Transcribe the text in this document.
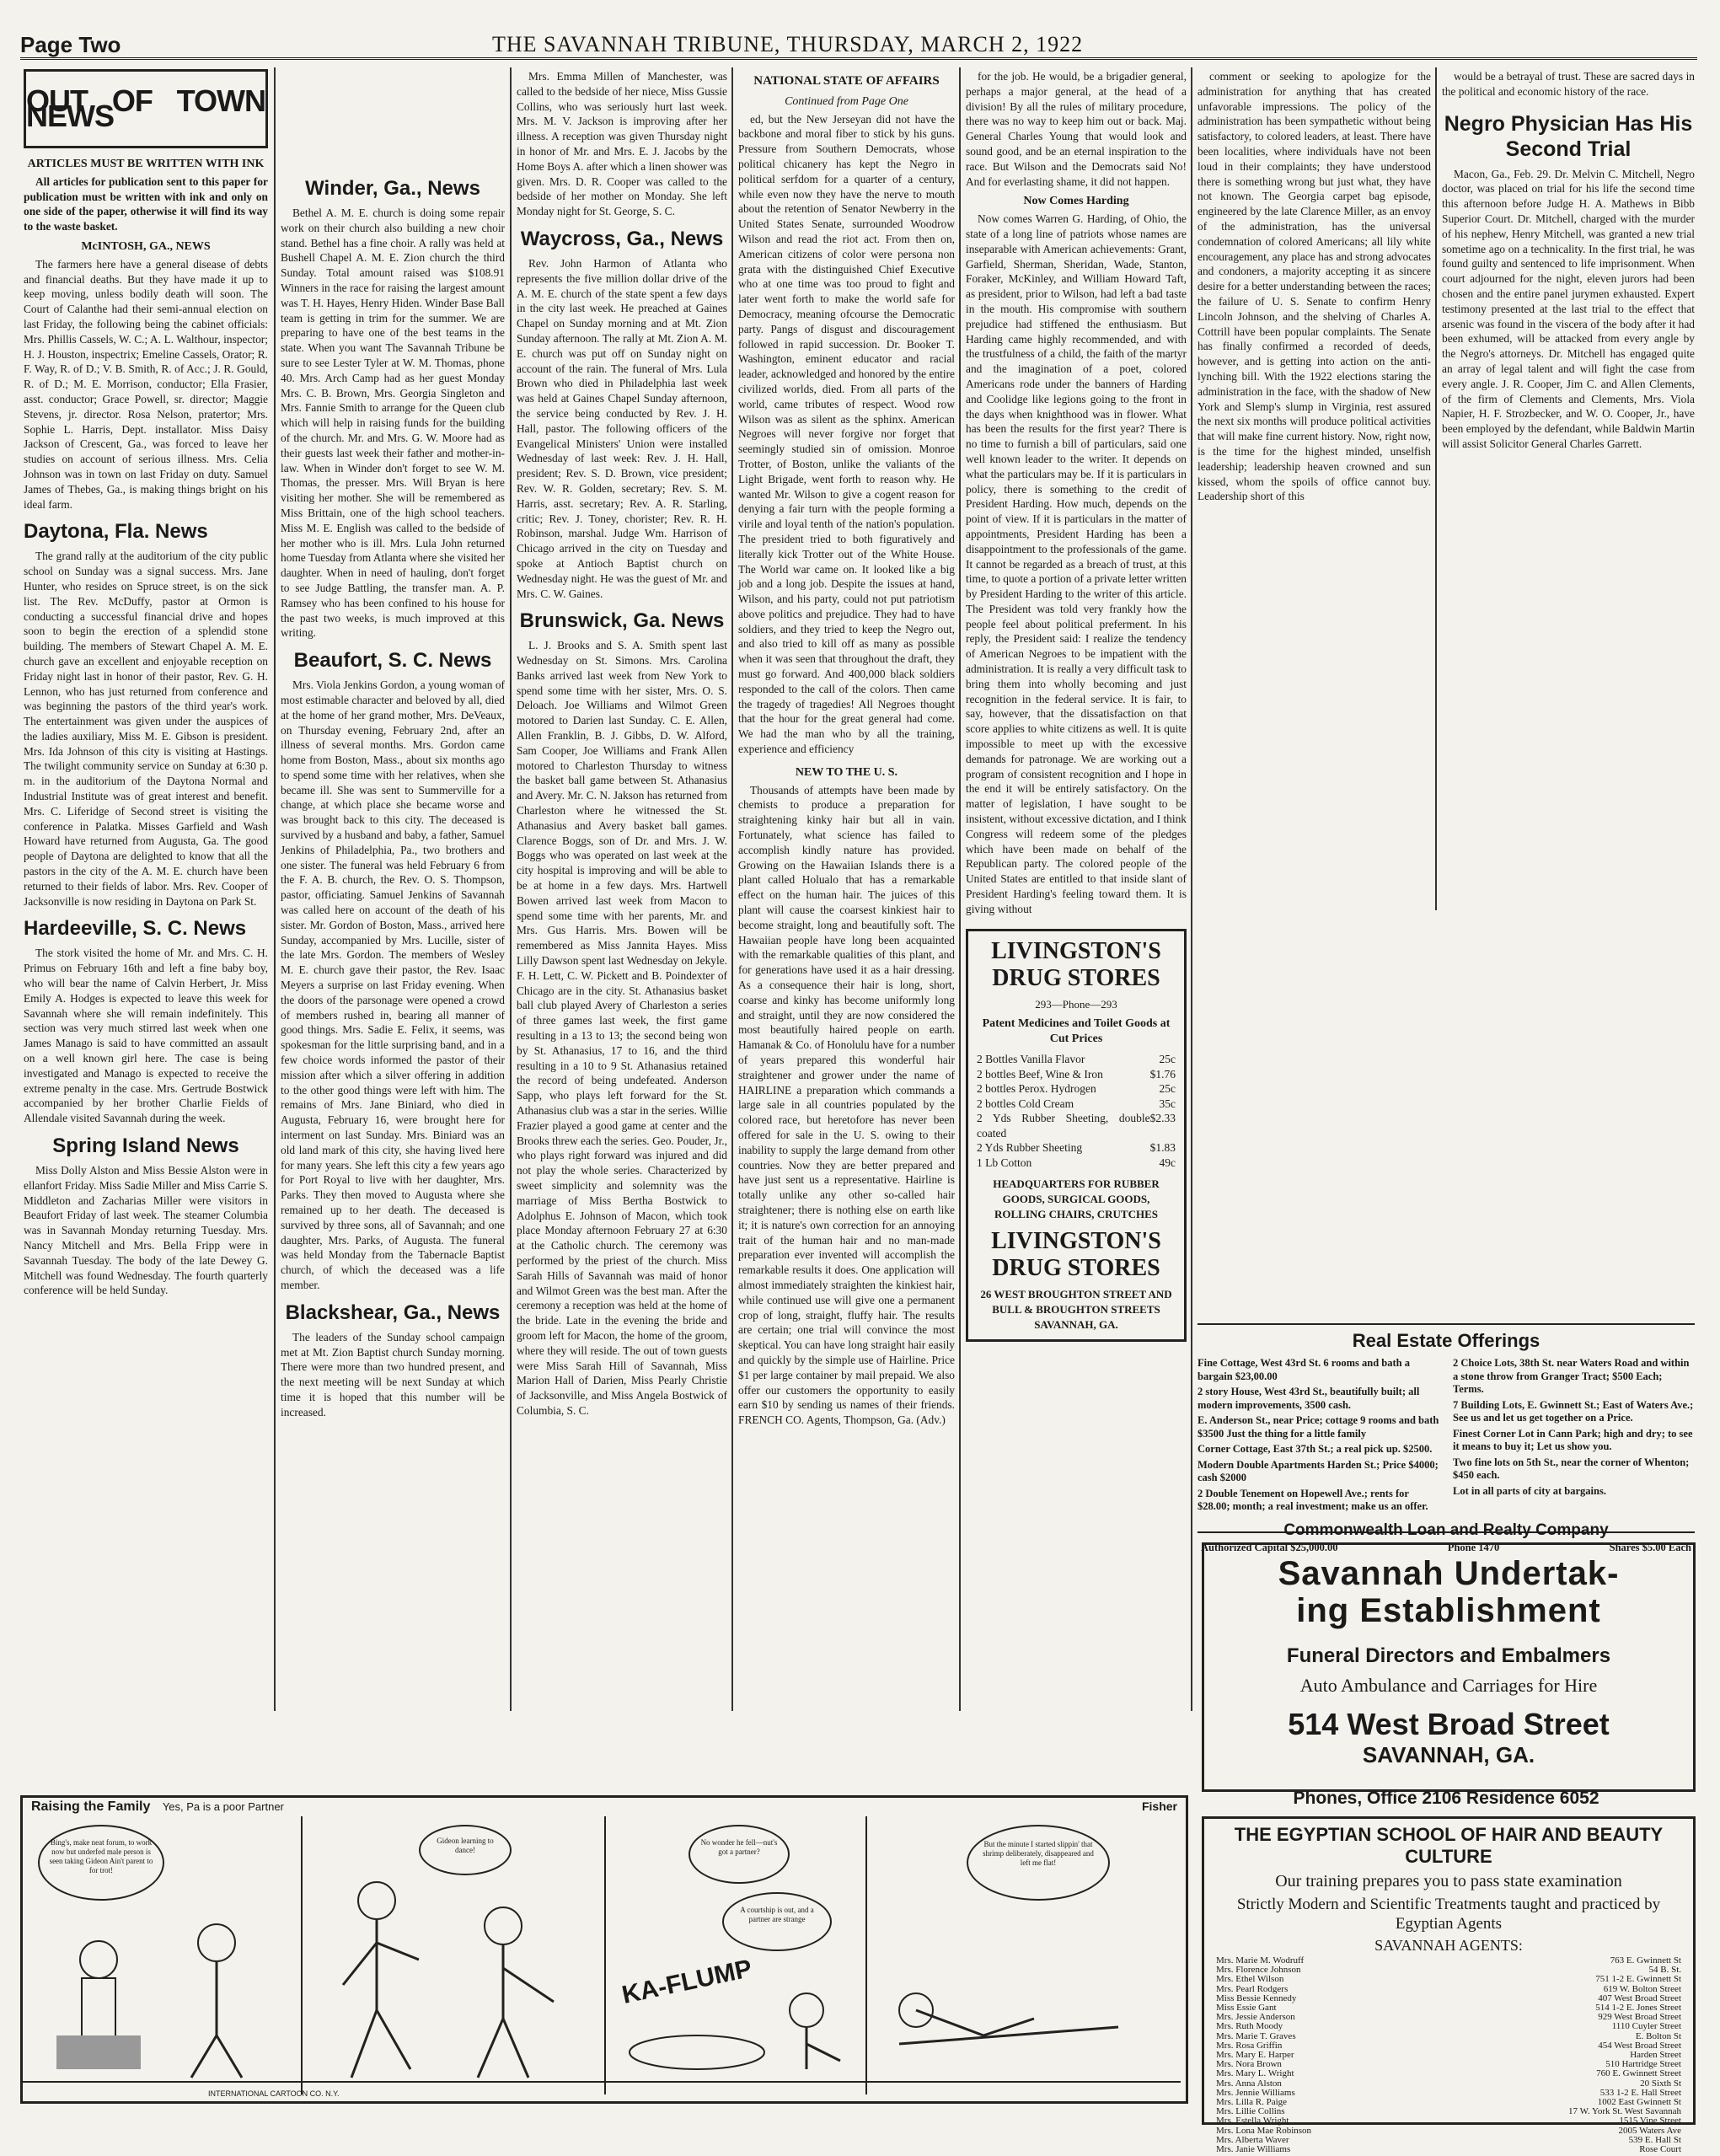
Page Two	THE SAVANNAH TRIBUNE, THURSDAY, MARCH 2, 1922
OUT OF TOWN NEWS
ARTICLES MUST BE WRITTEN WITH INK

All articles for publication sent to this paper for publication must be written with ink and only on one side of the paper, otherwise it will find its way to the waste basket.

McINTOSH, GA., NEWS

The farmers here have a general disease of debts and financial deaths. But they have made it up to keep moving, unless bodily death will soon. The Court of Calanthe had their semi-annual election on last Friday, the following being the cabinet officials: Mrs. Phillis Cassels, W. C.; A. L. Walthour, inspector; H. J. Houston, inspectrix; Emeline Cassels, Orator; R. F. Way, R. of D.; V. B. Smith, R. of Acc.; J. R. Gould, R. of D.; M. E. Morrison, conductor; Ella Frasier, asst. conductor; Grace Powell, sr. director; Maggie Stevens, jr. director. Rosa Nelson, pratertor; Mrs. Sophie L. Harris, Dept. installator. Miss Daisy Jackson of Crescent, Ga., was forced to leave her studies on account of serious illness. Mrs. Celia Johnson was in town on last Friday on duty. Samuel James of Thebes, Ga., is making things bright on his ideal farm.

Daytona, Fla. News

The grand rally at the auditorium of the city public school on Sunday was a signal success. Mrs. Jane Hunter, who resides on Spruce street, is on the sick list. The Rev. McDuffy, pastor at Ormon is conducting a successful financial drive and hopes soon to begin the erection of a splendid stone building. The members of Stewart Chapel A. M. E. church gave an excellent and enjoyable reception on Friday night last in honor of their pastor, Rev. G. H. Lennon, who has just returned from conference and was beginning the pastors of the third year's work. The entertainment was given under the auspices of the ladies auxiliary, Miss M. E. Gibson is president. Mrs. Ida Johnson of this city is visiting at Hastings. The twilight community service on Sunday at 6:30 p. m. in the auditorium of the Daytona Normal and Industrial Institute was of great interest and benefit. Mrs. C. Liferidge of Second street is visiting the conference in Palatka. Misses Garfield and Wash Howard have returned from Augusta, Ga. The good people of Daytona are delighted to know that all the pastors in the city of the A. M. E. church have been returned to their fields of labor. Mrs. Rev. Cooper of Jacksonville is now residing in Daytona on Park St.

Hardeeville, S. C. News

The stork visited the home of Mr. and Mrs. C. H. Primus on February 16th and left a fine baby boy, who will bear the name of Calvin Herbert, Jr. Miss Emily A. Hodges is expected to leave this week for Savannah where she will remain indefinitely. This section was very much stirred last week when one James Manago is said to have committed an assault on a well known girl here. The case is being investigated and Manago is expected to receive the extreme penalty in the case. Mrs. Gertrude Bostwick accompanied by her brother Charlie Fields of Allendale visited Savannah during the week.

Spring Island News

Miss Dolly Alston and Miss Bessie Alston were in ellanfort Friday. Miss Sadie Miller and Miss Carrie S. Middleton and Zacharias Miller were visitors in Beaufort Friday of last week. The steamer Columbia was in Savannah Monday returning Tuesday. Mrs. Nancy Mitchell and Mrs. Bella Fripp were in Savannah Tuesday. The body of the late Dewey G. Mitchell was found Wednesday. The fourth quarterly conference will be held Sunday.

Winder, Ga., News

Bethel A. M. E. church is doing some repair work on their church also building a new choir stand. Bethel has a fine choir. A rally was held at Bushell Chapel A. M. E. Zion church the third Sunday. Total amount raised was $108.91 Winners in the race for raising the largest amount was T. H. Hayes, Henry Hiden. Winder Base Ball team is getting in trim for the summer. We are preparing to have one of the best teams in the state. When you want The Savannah Tribune be sure to see Lester Tyler at W. M. Thomas, phone 40. Mrs. Arch Camp had as her guest Monday Mrs. C. B. Brown, Mrs. Georgia Singleton and Mrs. Fannie Smith to arrange for the Queen club which will help in raising funds for the building of the church. Mr. and Mrs. G. W. Moore had as their guests last week their father and mother-in-law. When in Winder don't forget to see W. M. Thomas, the presser. Mrs. Will Bryan is here visiting her mother. She will be remembered as Miss Brittain, one of the high school teachers. Miss M. E. English was called to the bedside of her mother who is ill. Mrs. Lula John returned home Tuesday from Atlanta where she visited her daughter. When in need of hauling, don't forget to see Judge Battling, the transfer man. A. P. Ramsey who has been confined to his house for the past two weeks, is much improved at this writing.

Beaufort, S. C. News

Mrs. Viola Jenkins Gordon, a young woman of most estimable character and beloved by all, died at the home of her grand mother, Mrs. DeVeaux, on Thursday evening, February 2nd, after an illness of several months. Mrs. Gordon came home from Boston, Mass., about six months ago to spend some time with her relatives, when she became ill. She was sent to Summerville for a change, at which place she became worse and was brought back to this city. The deceased is survived by a husband and baby, a father, Samuel Jenkins of Philadelphia, Pa., two brothers and one sister. The funeral was held February 6 from the F. A. B. church, the Rev. O. S. Thompson, pastor, officiating. Samuel Jenkins of Savannah was called here on account of the death of his sister. Mr. Gordon of Boston, Mass., arrived here Sunday, accompanied by Mrs. Lucille, sister of the late Mrs. Gordon. The members of Wesley M. E. church gave their pastor, the Rev. Isaac Meyers a surprise on last Friday evening. When the doors of the parsonage were opened a crowd of members rushed in, bearing all manner of good things. Mrs. Sadie E. Felix, it seems, was spokesman for the little surprising band, and in a few choice words informed the pastor of their mission after which a silver offering in addition to the other good things were left with him. The remains of Mrs. Jane Biniard, who died in Augusta, February 16, were brought here for interment on last Sunday. Mrs. Biniard was an old land mark of this city, she having lived here for many years. She left this city a few years ago for Port Royal to live with her daughter, Mrs. Parks. They then moved to Augusta where she remained up to her death. The deceased is survived by three sons, all of Savannah; and one daughter, Mrs. Parks, of Augusta. The funeral was held Monday from the Tabernacle Baptist church, of which the deceased was a life member.

Blackshear, Ga., News

The leaders of the Sunday school campaign met at Mt. Zion Baptist church Sunday morning. There were more than two hundred present, and the next meeting will be next Sunday at which time it is hoped that this number will be increased.

Mrs. Emma Millen of Manchester, was called to the bedside of her niece, Miss Gussie Collins, who was seriously hurt last week. Mrs. M. V. Jackson is improving after her illness. A reception was given Thursday night in honor of Mr. and Mrs. E. J. Jacobs by the Home Boys A. after which a linen shower was given. Mrs. D. R. Cooper was called to the bedside of her mother on Monday. She left Monday night for St. George, S. C.

Waycross, Ga., News

Rev. John Harmon of Atlanta who represents the five million dollar drive of the A. M. E. church of the state spent a few days in the city last week. He preached at Gaines Chapel on Sunday morning and at Mt. Zion Sunday afternoon. The rally at Mt. Zion A. M. E. church was put off on Sunday night on account of the rain. The funeral of Mrs. Lula Brown who died in Philadelphia last week was held at Gaines Chapel Sunday afternoon, the service being conducted by Rev. J. H. Hall, pastor. The following officers of the Evangelical Ministers' Union were installed Wednesday of last week: Rev. J. H. Hall, president; Rev. S. D. Brown, vice president; Rev. W. R. Golden, secretary; Rev. S. M. Harris, asst. secretary; Rev. A. R. Starling, critic; Rev. J. Toney, chorister; Rev. R. H. Robinson, marshal. Judge Wm. Harrison of Chicago arrived in the city on Tuesday and spoke at Antioch Baptist church on Wednesday night. He was the guest of Mr. and Mrs. C. W. Gaines.

Brunswick, Ga. News

L. J. Brooks and S. A. Smith spent last Wednesday on St. Simons. Mrs. Carolina Banks arrived last week from New York to spend some time with her sister, Mrs. O. S. Deloach. Joe Williams and Wilmot Green motored to Darien last Sunday. C. E. Allen, Allen Franklin, B. J. Gibbs, D. W. Alford, Sam Cooper, Joe Williams and Frank Allen motored to Charleston Thursday to witness the basket ball game between St. Athanasius and Avery. Mr. C. N. Jakson has returned from Charleston where he witnessed the St. Athanasius and Avery basket ball games. Clarence Boggs, son of Dr. and Mrs. J. W. Boggs who was operated on last week at the city hospital is improving and will be able to be at home in a few days. Mrs. Hartwell Bowen arrived last week from Macon to spend some time with her parents, Mr. and Mrs. Gus Harris. Mrs. Bowen will be remembered as Miss Jannita Hayes. Miss Lilly Dawson spent last Wednesday on Jekyle. F. H. Lett, C. W. Pickett and B. Poindexter of Chicago are in the city. St. Athanasius basket ball club played Avery of Charleston a series of three games last week, the first game resulting in a 13 to 13; the second being won by St. Athanasius, 17 to 16, and the third resulting in a 10 to 9 St. Athanasius retained the record of being undefeated. Anderson Sapp, who plays left forward for the St. Athanasius club was a star in the series. Willie Frazier played a good game at center and the Brooks threw each the series. Geo. Pouder, Jr., who plays right forward was injured and did not play the whole series. Characterized by sweet simplicity and solemnity was the marriage of Miss Bertha Bostwick to Adolphus E. Johnson of Macon, which took place Monday afternoon February 27 at 6:30 at the Catholic church. The ceremony was performed by the priest of the church. Miss Sarah Hills of Savannah was maid of honor and Wilmot Green was the best man. After the ceremony a reception was held at the home of the bride. Late in the evening the bride and groom left for Macon, the home of the groom, where they will reside. The out of town guests were Miss Sarah Hill of Savannah, Miss Marion Hall of Darien, Miss Pearly Christie of Jacksonville, and Miss Angela Bostwick of Columbia, S. C.

NATIONAL STATE OF AFFAIRS
Continued from Page One

ed, but the New Jerseyan did not have the backbone and moral fiber to stick by his guns. Pressure from Southern Democrats, whose political chicanery has kept the Negro in political serfdom for a quarter of a century, while even now they have the nerve to mouth about the retention of Senator Newberry in the United States Senate, surrounded Woodrow Wilson and read the riot act. From then on, American citizens of color were persona non grata with the distinguished Chief Executive who at one time was too proud to fight and later went forth to make the world safe for Democracy, meaning ofcourse the Democratic party. Pangs of disgust and discouragement followed in rapid succession. Dr. Booker T. Washington, eminent educator and racial leader, acknowledged and honored by the entire civilized worlds, died. From all parts of the world, came tributes of respect. Wood row Wilson was as silent as the sphinx. American Negroes will never forgive nor forget that seemingly studied sin of omission. Monroe Trotter, of Boston, unlike the valiants of the Light Brigade, went forth to reason why. He wanted Mr. Wilson to give a cogent reason for denying a fair turn with the people forming a virile and loyal tenth of the nation's population. The president tried to both figuratively and literally kick Trotter out of the White House. The World war came on. It looked like a big job and a long job. Despite the issues at hand, Wilson, and his party, could not put patriotism above politics and prejudice. They had to have soldiers, and they tried to keep the Negro out, and also tried to kill off as many as possible when it was seen that throughout the draft, they must go forward. And 400,000 black soldiers responded to the call of the colors. Then came the tragedy of tragedies! All Negroes thought that the hour for the great general had come. We had the man who by all the training, experience and efficiency

NEW TO THE U. S.

Thousands of attempts have been made by chemists to produce a preparation for straightening kinky hair but all in vain. Fortunately, what science has failed to accomplish kindly nature has provided. Growing on the Hawaiian Islands there is a plant called Holualo that has a remarkable effect on the human hair. The juices of this plant will cause the coarsest kinkiest hair to become straight, long and beautifully soft. The Hawaiian people have long been acquainted with the remarkable qualities of this plant, and for generations have used it as a hair dressing. As a consequence their hair is long, short, coarse and kinky has become uniformly long and straight, until they are now considered the most beautifully haired people on earth. Hamanak & Co. of Honolulu have for a number of years prepared this wonderful hair straightener and grower under the name of HAIRLINE a preparation which commands a large sale in all countries populated by the colored race, but heretofore has never been offered for sale in the U. S. owing to their inability to supply the large demand from other countries. Now they are better prepared and have just sent us a representative. Hairline is totally unlike any other so-called hair straightener; there is nothing else on earth like it; it is nature's own correction for an annoying trait of the human hair and no man-made preparation ever invented will accomplish the remarkable results it does. One application will almost immediately straighten the kinkiest hair, while continued use will give one a permanent crop of long, straight, fluffy hair. The results are certain; one trial will convince the most skeptical. You can have long straight hair easily and quickly by the simple use of Hairline. Price $1 per large container by mail prepaid. We also offer our customers the opportunity to easily earn $10 by sending us names of their friends. FRENCH CO. Agents, Thompson, Ga. (Adv.)

for the job. He would, be a brigadier general, perhaps a major general, at the head of a division! By all the rules of military procedure, there was no way to keep him out or back. Maj. General Charles Young that would look and sound good, and be an eternal inspiration to the race. But Wilson and the Democrats said No! And for everlasting shame, it did not happen.

Now Comes Harding

Now comes Warren G. Harding, of Ohio, the state of a long line of patriots whose names are inseparable with American achievements: Grant, Garfield, Sherman, Sheridan, Wade, Stanton, Foraker, McKinley, and William Howard Taft, as president, prior to Wilson, had left a bad taste in the mouth. His compromise with southern prejudice had stiffened the enthusiasm. But Harding came highly recommended, and with the trustfulness of a child, the faith of the martyr and the imagination of a poet, colored Americans rode under the banners of Harding and Coolidge like legions going to the front in the days when knighthood was in flower. What has been the results for the first year? There is no time to furnish a bill of particulars, said one well known leader to the writer. It depends on what the particulars may be. If it is particulars in policy, there is something to the credit of President Harding. How much, depends on the point of view. If it is particulars in the matter of appointments, President Harding has been a disappointment to the professionals of the game. It cannot be regarded as a breach of trust, at this time, to quote a portion of a private letter written by President Harding to the writer of this article. The President was told very frankly how the people feel about political preferment. In his reply, the President said: I realize the tendency of American Negroes to be impatient with the administration. It is really a very difficult task to bring them into wholly becoming and just recognition in the federal service. It is fair, to say, however, that the dissatisfaction on that score applies to white citizens as well. It is quite impossible to meet up with the excessive demands for patronage. We are working out a program of consistent recognition and I hope in the end it will be entirely satisfactory. On the matter of legislation, I have sought to be insistent, without excessive dictation, and I think Congress will redeem some of the pledges which have been made on behalf of the Republican party. The colored people of the United States are entitled to that inside slant of President Harding's feeling toward them. It is giving without

LIVINGSTON'S DRUG STORES
293—Phone—293
Patent Medicines and Toilet Goods at Cut Prices
2 Bottles Vanilla Flavor	25c
2 bottles Beef, Wine & Iron	$1.76
2 bottles Perox. Hydrogen	25c
2 bottles Cold Cream	35c
2 Yds Rubber Sheeting, double coated
$2.33
2 Yds Rubber Sheeting	$1.83
1 Lb Cotton	49c
HEADQUARTERS FOR RUBBER GOODS, SURGICAL GOODS, ROLLING CHAIRS, CRUTCHES
LIVINGSTON'S DRUG STORES
26 WEST BROUGHTON STREET AND BULL & BROUGHTON STREETS SAVANNAH, GA.

comment or seeking to apologize for the administration for anything that has created unfavorable impressions. The policy of the administration has been sympathetic without being satisfactory, to colored leaders, at least. There have been localities, where individuals have not been loud in their complaints; they have understood there is something wrong but just what, they have not known. The Georgia carpet bag episode, engineered by the late Clarence Miller, as an envoy of the administration, has the universal condemnation of colored Americans; all lily white encouragement, any place has and strong advocates and condoners, a majority accepting it as sincere desire for a better understanding between the races; the failure of U. S. Senate to confirm Henry Lincoln Johnson, and the shelving of Charles A. Cottrill have been popular complaints. The Senate has finally confirmed a recorded of deeds, however, and is getting into action on the anti-lynching bill. With the 1922 elections staring the administration in the face, with the shadow of New York and Slemp's slump in Virginia, rest assured the next six months will produce political activities that will make fine current history. Now, right now, is the time for the highest minded, unselfish leadership; leadership heaven crowned and sun kissed, whom the spoils of office cannot buy. Leadership short of this

would be a betrayal of trust. These are sacred days in the political and economic history of the race.

Negro Physician Has His Second Trial

Macon, Ga., Feb. 29. Dr. Melvin C. Mitchell, Negro doctor, was placed on trial for his life the second time this afternoon before Judge H. A. Mathews in Bibb Superior Court. Dr. Mitchell, charged with the murder of his nephew, Henry Mitchell, was granted a new trial sometime ago on a technicality. In the first trial, he was found guilty and sentenced to life imprisonment. When court adjourned for the night, eleven jurors had been chosen and the entire panel jurymen exhausted. Expert testimony presented at the last trial to the effect that arsenic was found in the viscera of the body after it had been exhumed, will be attacked from every angle by the Negro's attorneys. Dr. Mitchell has engaged quite an array of legal talent and will fight the case from every angle. J. R. Cooper, Jim C. and Allen Clements, of the firm of Clements and Clements, Mrs. Viola Napier, H. F. Strozbecker, and W. O. Cooper, Jr., have been employed by the defendant, while Baldwin Martin will assist Solicitor General Charles Garrett.

Real Estate Offerings
Fine Cottage, West 43rd St. 6 rooms and bath a bargain $23,00.00
2 story House, West 43rd St., beautifully built; all modern improvements, 3500 cash.
E. Anderson St., near Price; cottage 9 rooms and bath $3500 Just the thing for a little family
Corner Cottage, East 37th St.; a real pick up. $2500.
Modern Double Apartments Harden St.; Price $4000; cash $2000
2 Double Tenement on Hopewell Ave.; rents for $28.00; month; a real investment; make us an offer.
2 Choice Lots, 38th St. near Waters Road and within a stone throw from Granger Tract; $500 Each; Terms.
7 Building Lots, E. Gwinnett St.; East of Waters Ave.; See us and let us get together on a Price.
Finest Corner Lot in Cann Park; high and dry; to see it means to buy it; Let us show you.
Two fine lots on 5th St., near the corner of Whenton; $450 each.
Lot in all parts of city at bargains.
Commonwealth Loan and Realty Company
Authorized Capital $25,000.00	Phone 1470	Shares $5.00 Each
Savannah Undertak-
ing Establishment
Funeral Directors and Embalmers
Auto Ambulance and Carriages for Hire
514 West Broad Street
SAVANNAH, GA.
Phones, Office 2106 Residence 6052
THE EGYPTIAN SCHOOL OF HAIR AND BEAUTY CULTURE
Our training prepares you to pass state examination
Strictly Modern and Scientific Treatments taught and practiced by Egyptian Agents
SAVANNAH AGENTS:
Mrs. Marie M. Wodruff	763 E. Gwinnett St
Mrs. Florence Johnson	54 B. St.
Mrs. Ethel Wilson	751 1-2 E. Gwinnett St
Mrs. Pearl Rodgers	619 W. Bolton Street
Miss Bessie Kennedy	407 West Broad Street
Miss Essie Gant	514 1-2 E. Jones Street
Mrs. Jessie Anderson	929 West Broad Street
Mrs. Ruth Moody	1110 Cuyler Street
Mrs. Marie T. Graves	E. Bolton St
Mrs. Rosa Griffin	454 West Broad Street
Mrs. Mary E. Harper	Harden Street
Mrs. Nora Brown	510 Hartridge Street
Mrs. Mary L. Wright	760 E. Gwinnett Street
Mrs. Anna Alston	20 Sixth St
Mrs. Jennie Williams	533 1-2 E. Hall Street
Mrs. Lilla R. Paige	1002 East Gwinnett St
Mrs. Lillie Collins	17 W. York St. West Savannah
Mrs. Estella Wright	1515 Vine Street
Mrs. Lona Mae Robinson	2005 Waters Ave
Mrs. Alberta Waver	539 E. Hall St
Mrs. Janie Williams	Rose Court
Raising the Family Yes, Pa is a poor Partner	Fisher
Bing's, make neat forum, to work now but underfed male person is seen taking Gideon Ain't parent to for trot!
Gideon learning to dance!
No wonder he fell—nut's got a partner?
A courtship is out, and a partner are strange
KA-FLUMP
But the minute I started slippin' that shrimp deliberately, disappeared and left me flat!
INTERNATIONAL CARTOON CO. N.Y.
